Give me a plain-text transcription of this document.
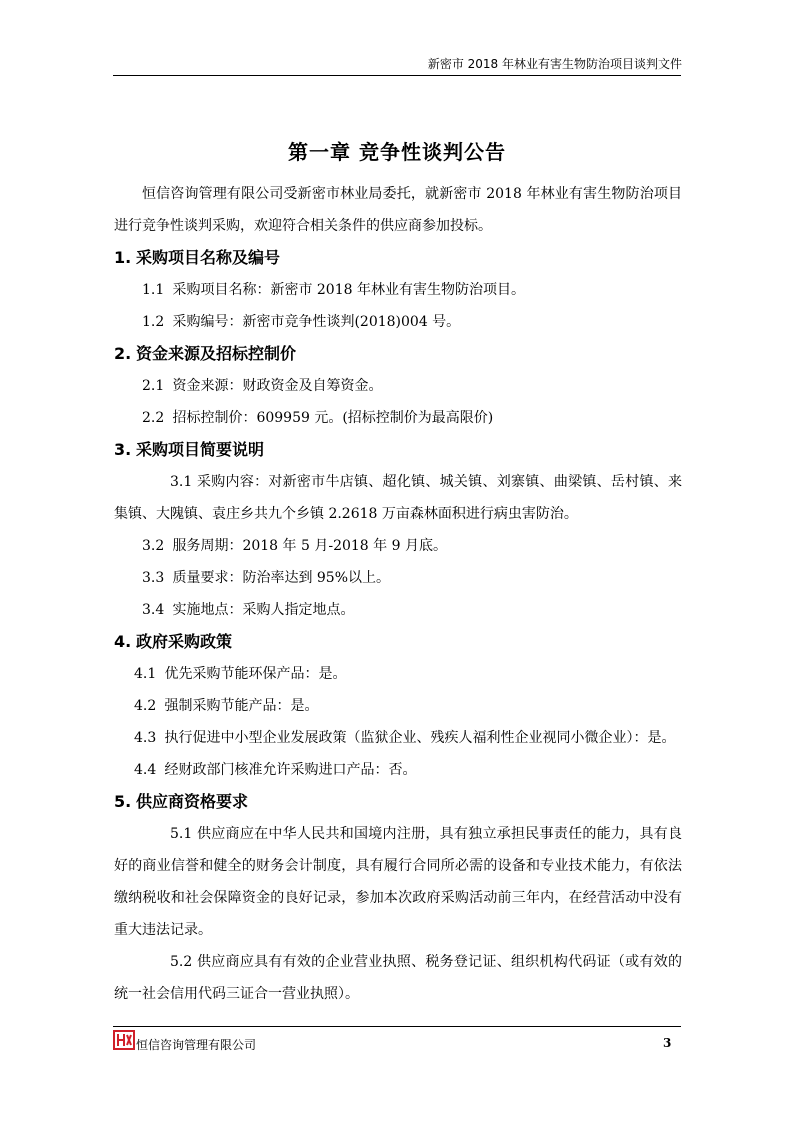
新密市 2018 年林业有害生物防治项目谈判文件
第一章 竞争性谈判公告

恒信咨询管理有限公司受新密市林业局委托，就新密市 2018 年林业有害生物防治项目进行竞争性谈判采购，欢迎符合相关条件的供应商参加投标。

1. 采购项目名称及编号

1.1 采购项目名称：新密市 2018 年林业有害生物防治项目。

1.2 采购编号：新密市竞争性谈判(2018)004 号。

2. 资金来源及招标控制价

2.1 资金来源：财政资金及自筹资金。

2.2 招标控制价：609959 元。(招标控制价为最高限价)

3. 采购项目简要说明

3.1 采购内容：对新密市牛店镇、超化镇、城关镇、刘寨镇、曲梁镇、岳村镇、来集镇、大隗镇、袁庄乡共九个乡镇 2.2618 万亩森林面积进行病虫害防治。

3.2 服务周期：2018 年 5 月-2018 年 9 月底。

3.3 质量要求：防治率达到 95%以上。

3.4 实施地点：采购人指定地点。

4. 政府采购政策

4.1 优先采购节能环保产品：是。

4.2 强制采购节能产品：是。

4.3 执行促进中小型企业发展政策（监狱企业、残疾人福利性企业视同小微企业）：是。

4.4 经财政部门核准允许采购进口产品：否。

5. 供应商资格要求

5.1 供应商应在中华人民共和国境内注册，具有独立承担民事责任的能力，具有良好的商业信誉和健全的财务会计制度，具有履行合同所必需的设备和专业技术能力，有依法缴纳税收和社会保障资金的良好记录，参加本次政府采购活动前三年内，在经营活动中没有重大违法记录。

5.2 供应商应具有有效的企业营业执照、税务登记证、组织机构代码证（或有效的统一社会信用代码三证合一营业执照）。

恒信咨询管理有限公司	3
